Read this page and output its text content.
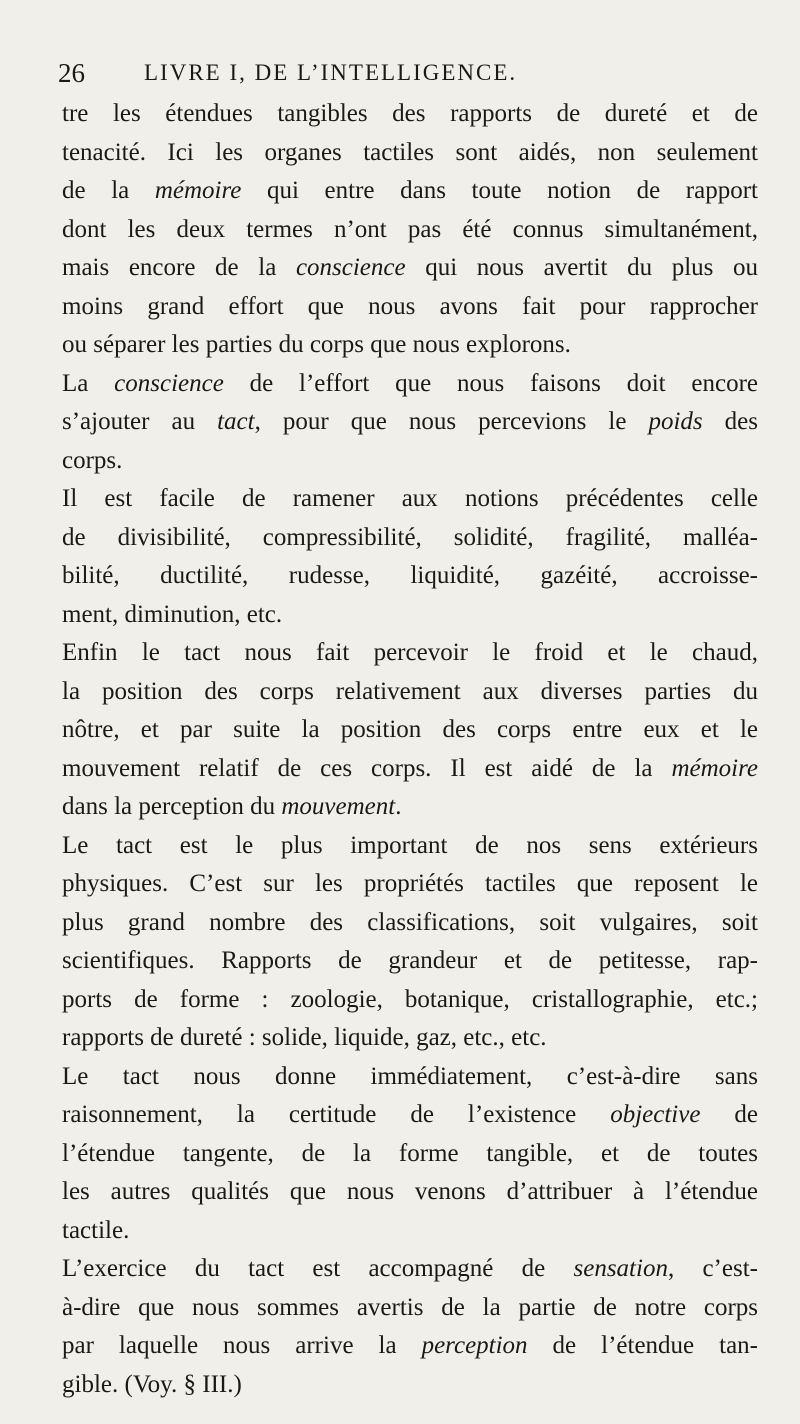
26	LIVRE I, DE L’INTELLIGENCE.
tre les étendues tangibles des rapports de dureté et de
tenacité. Ici les organes tactiles sont aidés, non seulement
de la mémoire qui entre dans toute notion de rapport
dont les deux termes n’ont pas été connus simultanément,
mais encore de la conscience qui nous avertit du plus ou
moins grand effort que nous avons fait pour rapprocher
ou séparer les parties du corps que nous explorons.
La conscience de l’effort que nous faisons doit encore
s’ajouter au tact, pour que nous percevions le poids des
corps.
Il est facile de ramener aux notions précédentes celle
de divisibilité, compressibilité, solidité, fragilité, malléa-
bilité, ductilité, rudesse, liquidité, gazéité, accroisse-
ment, diminution, etc.
Enfin le tact nous fait percevoir le froid et le chaud,
la position des corps relativement aux diverses parties du
nôtre, et par suite la position des corps entre eux et le
mouvement relatif de ces corps. Il est aidé de la mémoire
dans la perception du mouvement.
Le tact est le plus important de nos sens extérieurs
physiques. C’est sur les propriétés tactiles que reposent le
plus grand nombre des classifications, soit vulgaires, soit
scientifiques. Rapports de grandeur et de petitesse, rap-
ports de forme : zoologie, botanique, cristallographie, etc.;
rapports de dureté : solide, liquide, gaz, etc., etc.
Le tact nous donne immédiatement, c’est-à-dire sans
raisonnement, la certitude de l’existence objective de
l’étendue tangente, de la forme tangible, et de toutes
les autres qualités que nous venons d’attribuer à l’étendue
tactile.
L’exercice du tact est accompagné de sensation, c’est-
à-dire que nous sommes avertis de la partie de notre corps
par laquelle nous arrive la perception de l’étendue tan-
gible. (Voy. § III.)
